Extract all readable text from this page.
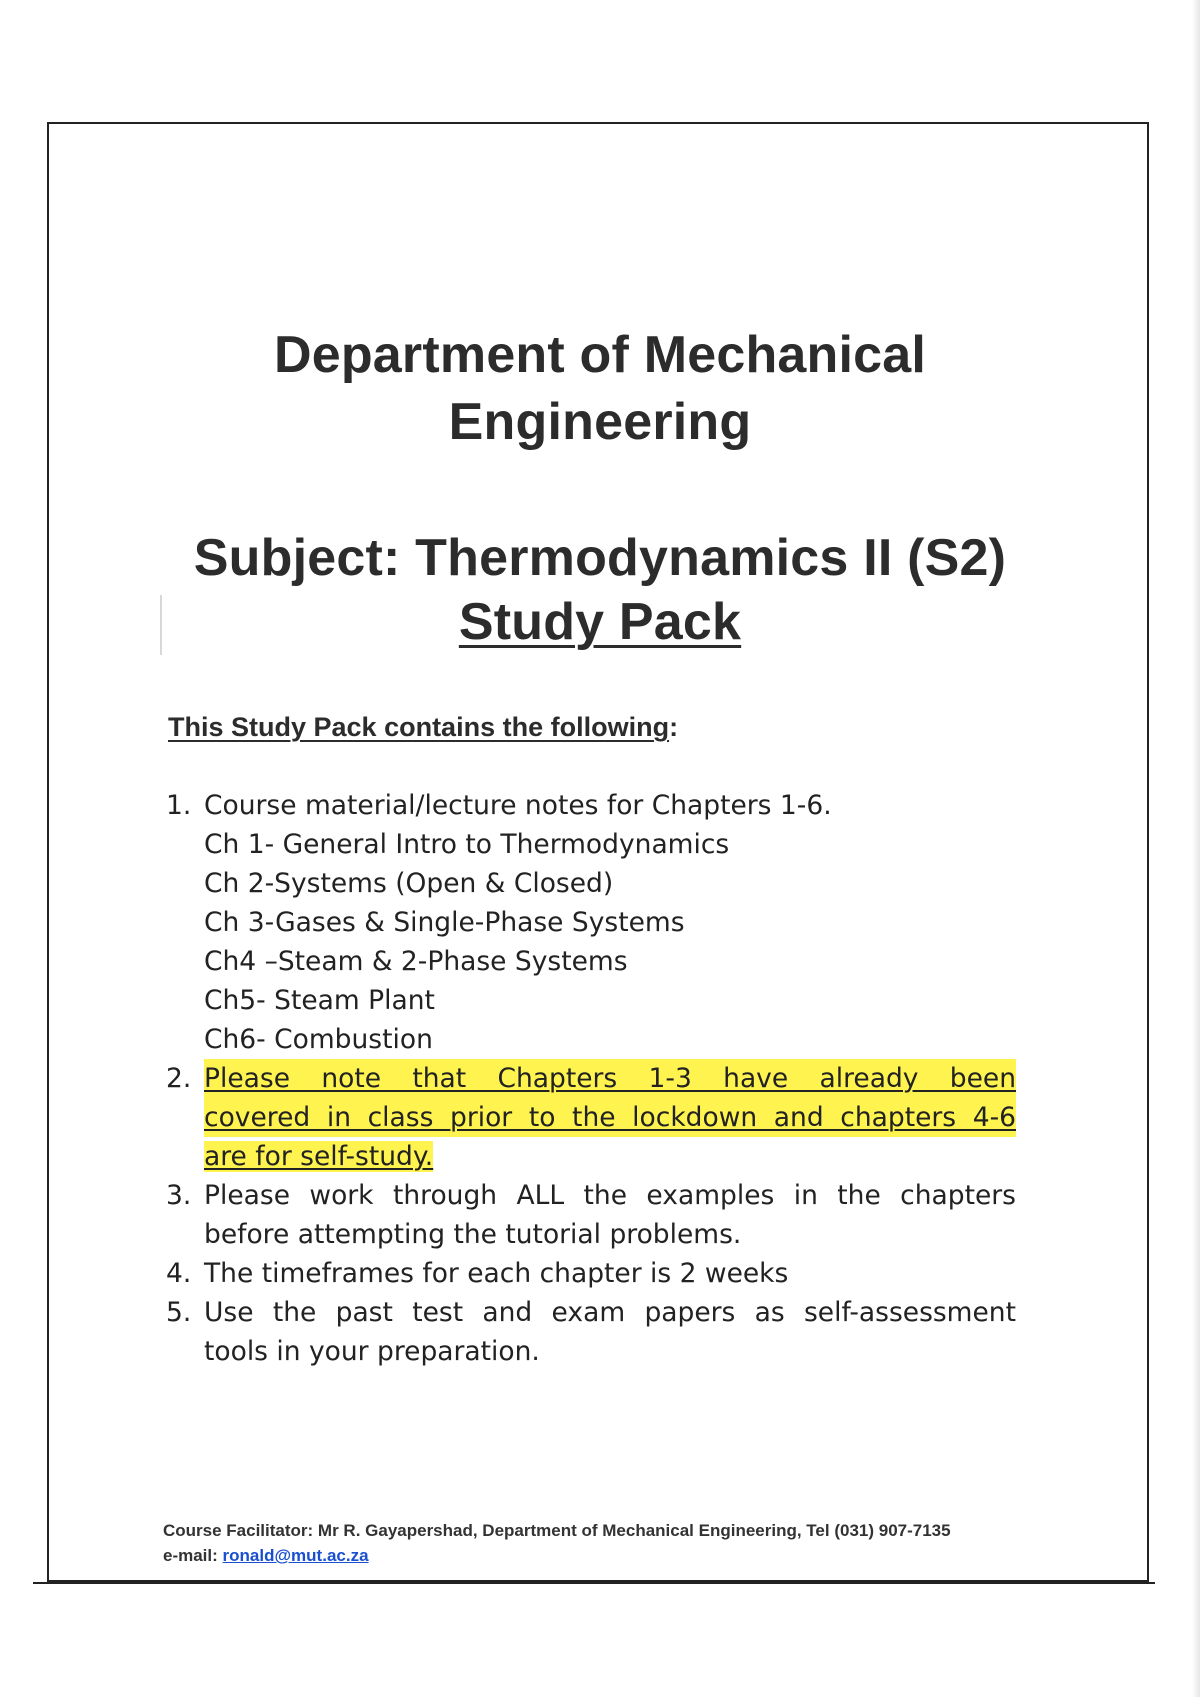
Department of Mechanical
Engineering
Subject: Thermodynamics II (S2)
Study Pack
This Study Pack contains the following:
1. Course material/lecture notes for Chapters 1-6.
Ch 1- General Intro to Thermodynamics
Ch 2-Systems (Open & Closed)
Ch 3-Gases & Single-Phase Systems
Ch4 –Steam & 2-Phase Systems
Ch5- Steam Plant
Ch6- Combustion
2. Please note that Chapters 1-3 have already been
covered in class prior to the lockdown and chapters 4-6
are for self-study.
3. Please work through ALL the examples in the chapters
before attempting the tutorial problems.
4. The timeframes for each chapter is 2 weeks
5. Use the past test and exam papers as self-assessment
tools in your preparation.
Course Facilitator: Mr R. Gayapershad, Department of Mechanical Engineering, Tel (031) 907-7135
e-mail: ronald@mut.ac.za
